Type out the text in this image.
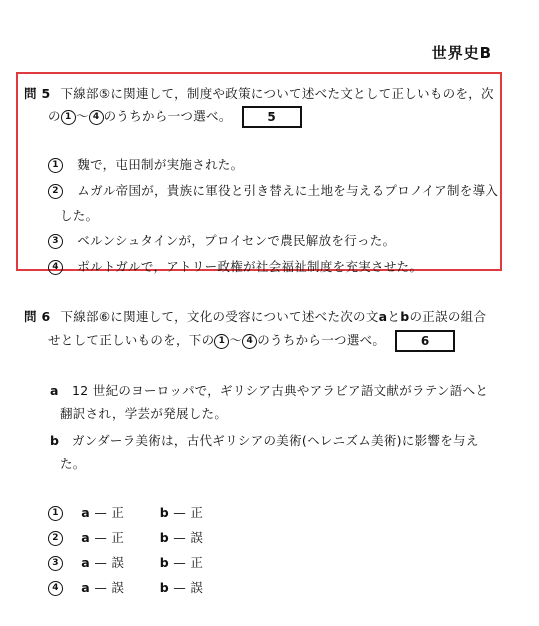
世界史B
問 5 下線部⑤に関連して，制度や政策について述べた文として正しいものを，次
の 1 ～ 4 のうちから一つ選べ。	5
1 魏で，屯田制が実施された。
2 ムガル帝国が，貴族に軍役と引き替えに土地を与えるプロノイア制を導入
した。
3 ベルンシュタインが，プロイセンで農民解放を行った。
4 ポルトガルで，アトリー政権が社会福祉制度を充実させた。
問 6 下線部⑥に関連して，文化の受容について述べた次の文aとbの正誤の組合
せとして正しいものを，下の 1 ～ 4 のうちから一つ選べ。	6
a 12 世紀のヨーロッパで，ギリシア古典やアラビア語文献がラテン語へと
翻訳され，学芸が発展した。
b ガンダーラ美術は，古代ギリシアの美術(ヘレニズム美術)に影響を与え
た。
1 a — 正	b — 正
2 a — 正	b — 誤
3 a — 誤	b — 正
4 a — 誤	b — 誤
